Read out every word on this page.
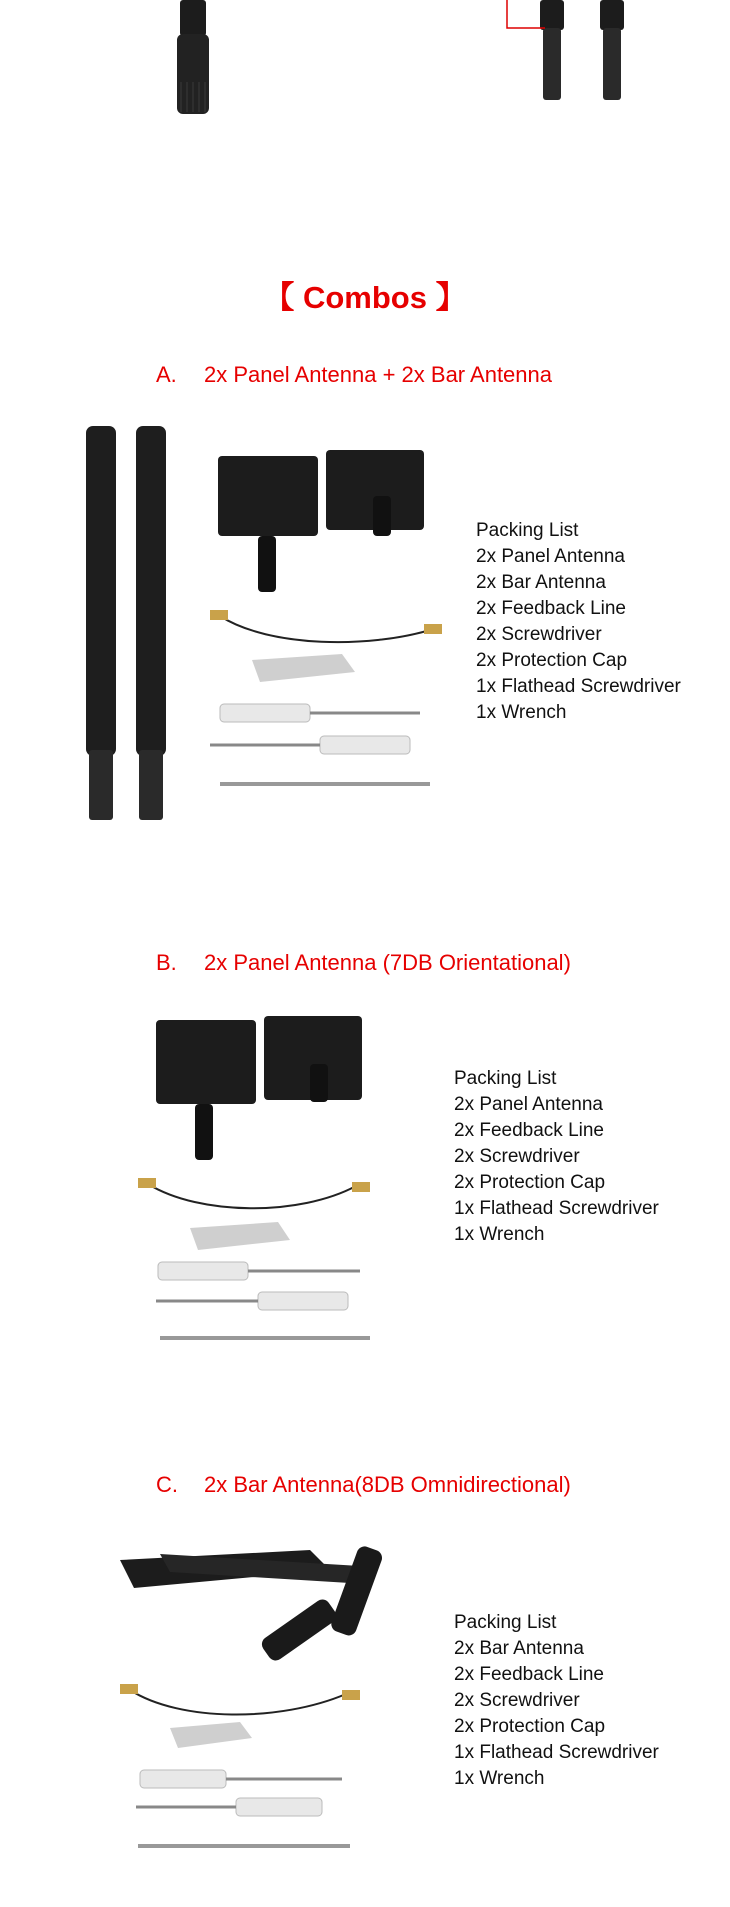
【 Combos 】
A. 2x Panel Antenna + 2x Bar Antenna
Packing List
2x Panel Antenna
2x Bar Antenna
2x Feedback Line
2x Screwdriver
2x Protection Cap
1x Flathead Screwdriver
1x Wrench
B. 2x Panel Antenna (7DB Orientational)
Packing List
2x Panel Antenna
2x Feedback Line
2x Screwdriver
2x Protection Cap
1x Flathead Screwdriver
1x Wrench
C. 2x Bar Antenna(8DB Omnidirectional)
Packing List
2x Bar Antenna
2x Feedback Line
2x Screwdriver
2x Protection Cap
1x Flathead Screwdriver
1x Wrench
